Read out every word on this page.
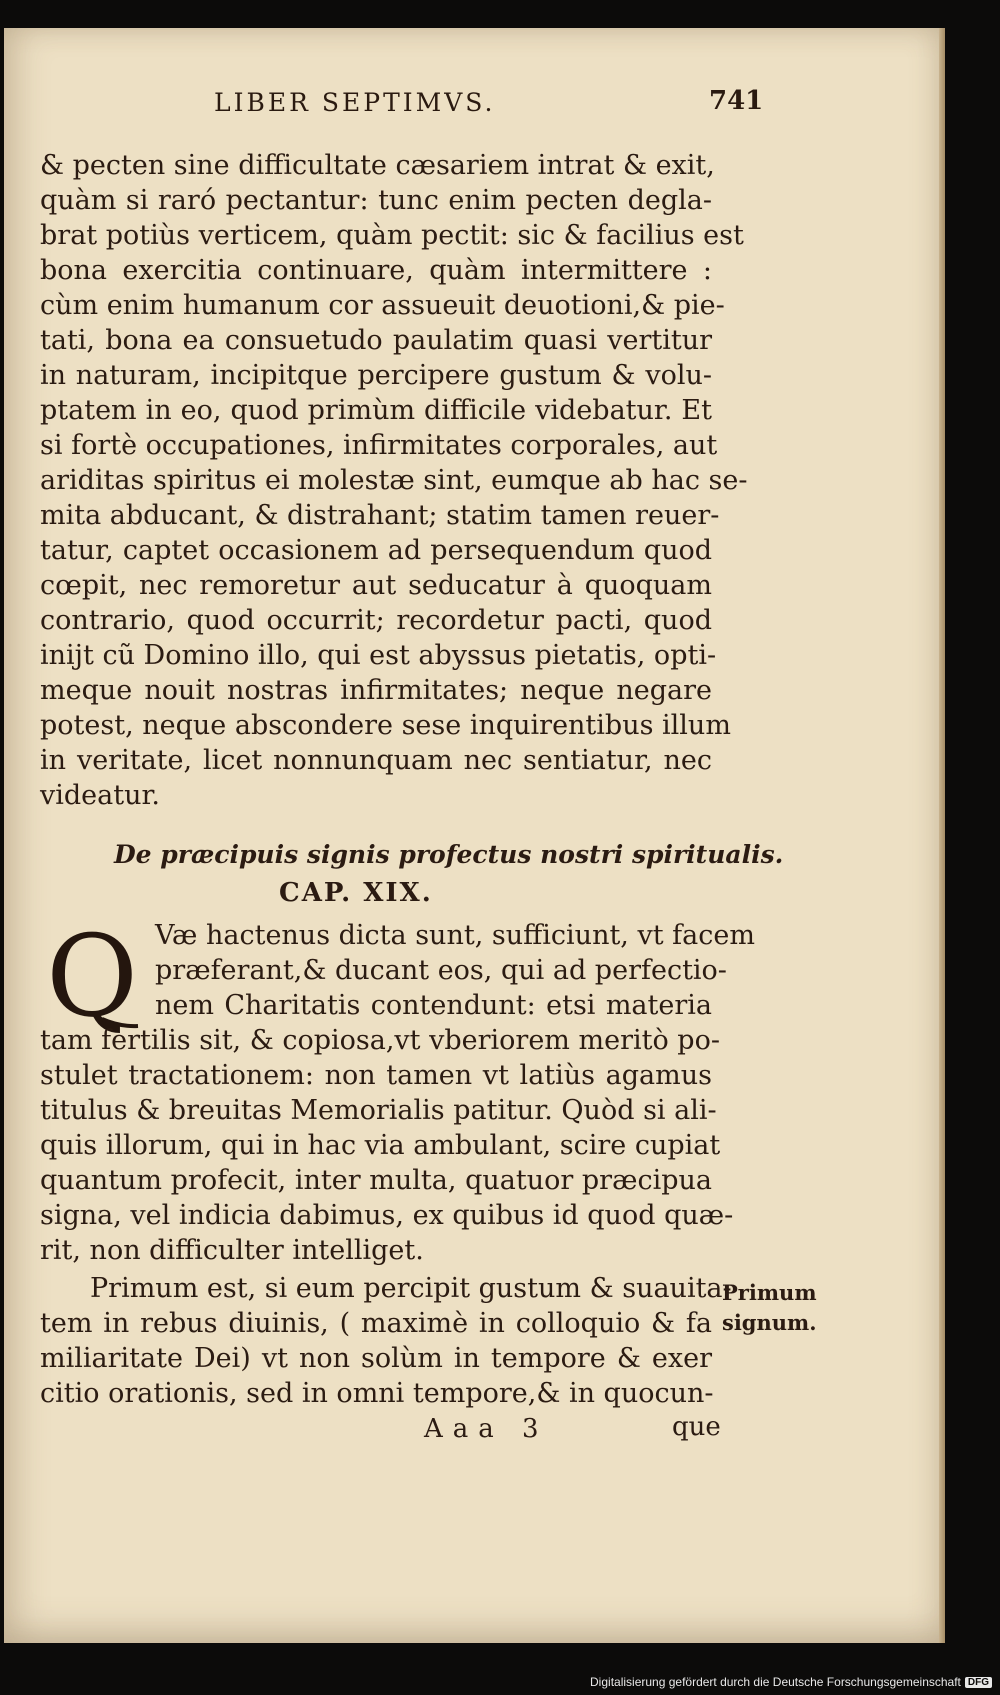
LIBER SEPTIMVS.	741
& pecten sine difficultate cæsariem intrat & exit,
quàm si raró pectantur: tunc enim pecten degla-
brat potiùs verticem, quàm pectit: sic & facilius est
bona exercitia continuare, quàm intermittere :
cùm enim humanum cor assueuit deuotioni,& pie-
tati, bona ea consuetudo paulatim quasi vertitur
in naturam, incipitque percipere gustum & volu-
ptatem in eo, quod primùm difficile videbatur. Et
si fortè occupationes, infirmitates corporales, aut
ariditas spiritus ei molestæ sint, eumque ab hac se-
mita abducant, & distrahant; statim tamen reuer-
tatur, captet occasionem ad persequendum quod
cœpit, nec remoretur aut seducatur à quoquam
contrario, quod occurrit; recordetur pacti, quod
inijt cũ Domino illo, qui est abyssus pietatis, opti-
meque nouit nostras infirmitates; neque negare
potest, neque abscondere sese inquirentibus illum
in veritate, licet nonnunquam nec sentiatur, nec
videatur.
De præcipuis signis profectus nostri spiritualis.
CAP. XIX.
Q Væ hactenus dicta sunt, sufficiunt, vt facem
præferant,& ducant eos, qui ad perfectio-
nem Charitatis contendunt: etsi materia
tam fertilis sit, & copiosa,vt vberiorem meritò po-
stulet tractationem: non tamen vt latiùs agamus
titulus & breuitas Memorialis patitur. Quòd si ali-
quis illorum, qui in hac via ambulant, scire cupiat
quantum profecit, inter multa, quatuor præcipua
signa, vel indicia dabimus, ex quibus id quod quæ-
rit, non difficulter intelliget.
Primum est, si eum percipit gustum & suauita-
tem in rebus diuinis, ( maximè in colloquio & fa
miliaritate Dei) vt non solùm in tempore & exer
citio orationis, sed in omni tempore,& in quocun-
Primum
signum.
Aaa 3	que
Digitalisierung gefördert durch die Deutsche Forschungsgemeinschaft DFG
